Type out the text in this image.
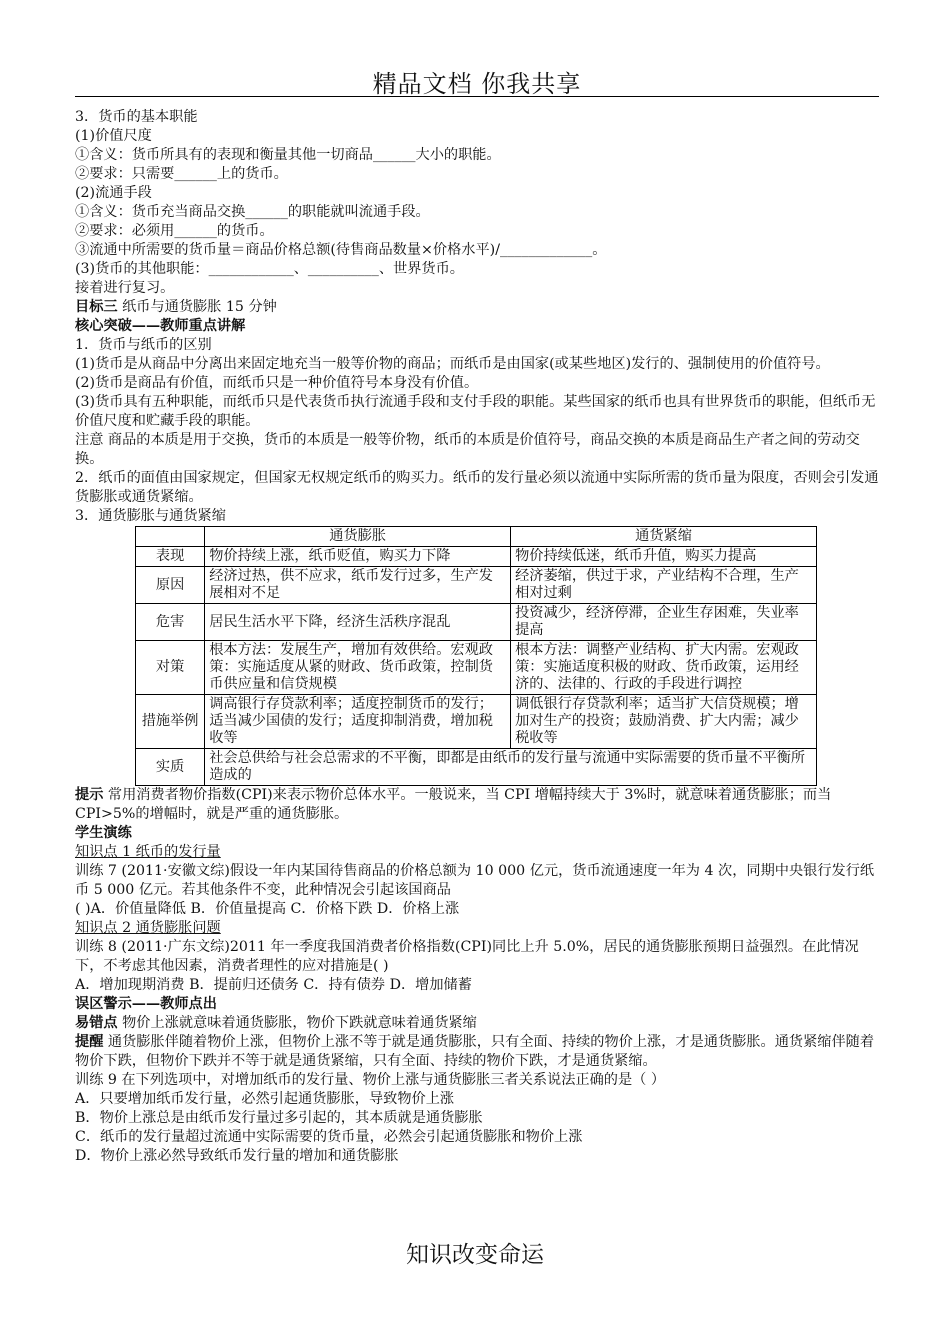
精品文档 你我共享
3．货币的基本职能
(1)价值尺度
①含义：货币所具有的表现和衡量其他一切商品______大小的职能。
②要求：只需要______上的货币。
(2)流通手段
①含义：货币充当商品交换______的职能就叫流通手段。
②要求：必须用______的货币。
③流通中所需要的货币量＝商品价格总额(待售商品数量×价格水平)/_____________。
(3)货币的其他职能：____________、__________、世界货币。
接着进行复习。
目标三 纸币与通货膨胀 15 分钟
核心突破——教师重点讲解
1．货币与纸币的区别
(1)货币是从商品中分离出来固定地充当一般等价物的商品；而纸币是由国家(或某些地区)发行的、强制使用的价值符号。
(2)货币是商品有价值，而纸币只是一种价值符号本身没有价值。
(3)货币具有五种职能，而纸币只是代表货币执行流通手段和支付手段的职能。某些国家的纸币也具有世界货币的职能，但纸币无价值尺度和贮藏手段的职能。
注意 商品的本质是用于交换，货币的本质是一般等价物，纸币的本质是价值符号，商品交换的本质是商品生产者之间的劳动交换。
2．纸币的面值由国家规定，但国家无权规定纸币的购买力。纸币的发行量必须以流通中实际所需的货币量为限度，否则会引发通货膨胀或通货紧缩。
3．通货膨胀与通货紧缩
	通货膨胀	通货紧缩
表现	物价持续上涨，纸币贬值，购买力下降	物价持续低迷，纸币升值，购买力提高
原因	经济过热，供不应求，纸币发行过多，生产发展相对不足	经济萎缩，供过于求，产业结构不合理，生产相对过剩
危害	居民生活水平下降，经济生活秩序混乱	投资减少，经济停滞，企业生存困难，失业率提高
对策	根本方法：发展生产，增加有效供给。宏观政策：实施适度从紧的财政、货币政策，控制货币供应量和信贷规模	根本方法：调整产业结构、扩大内需。宏观政策：实施适度积极的财政、货币政策，运用经济的、法律的、行政的手段进行调控
措施举例	调高银行存贷款利率；适度控制货币的发行；适当减少国债的发行；适度抑制消费，增加税收等	调低银行存贷款利率；适当扩大信贷规模；增加对生产的投资；鼓励消费、扩大内需；减少税收等
实质	社会总供给与社会总需求的不平衡，即都是由纸币的发行量与流通中实际需要的货币量不平衡所造成的	
提示 常用消费者物价指数(CPI)来表示物价总体水平。一般说来，当 CPI 增幅持续大于 3%时，就意味着通货膨胀；而当 CPI>5%的增幅时，就是严重的通货膨胀。
学生演练
知识点 1 纸币的发行量
训练 7 (2011·安徽文综)假设一年内某国待售商品的价格总额为 10 000 亿元，货币流通速度一年为 4 次，同期中央银行发行纸币 5 000 亿元。若其他条件不变，此种情况会引起该国商品
( )A．价值量降低 B．价值量提高 C．价格下跌 D．价格上涨
知识点 2 通货膨胀问题
训练 8 (2011·广东文综)2011 年一季度我国消费者价格指数(CPI)同比上升 5.0%，居民的通货膨胀预期日益强烈。在此情况下，不考虑其他因素，消费者理性的应对措施是( )
A．增加现期消费 B．提前归还债务 C．持有债券 D．增加储蓄
误区警示——教师点出
易错点 物价上涨就意味着通货膨胀，物价下跌就意味着通货紧缩
提醒 通货膨胀伴随着物价上涨，但物价上涨不等于就是通货膨胀，只有全面、持续的物价上涨，才是通货膨胀。通货紧缩伴随着物价下跌，但物价下跌并不等于就是通货紧缩，只有全面、持续的物价下跌，才是通货紧缩。
训练 9 在下列选项中，对增加纸币的发行量、物价上涨与通货膨胀三者关系说法正确的是（ ）
A．只要增加纸币发行量，必然引起通货膨胀，导致物价上涨
B．物价上涨总是由纸币发行量过多引起的，其本质就是通货膨胀
C．纸币的发行量超过流通中实际需要的货币量，必然会引起通货膨胀和物价上涨
D．物价上涨必然导致纸币发行量的增加和通货膨胀
知识改变命运
